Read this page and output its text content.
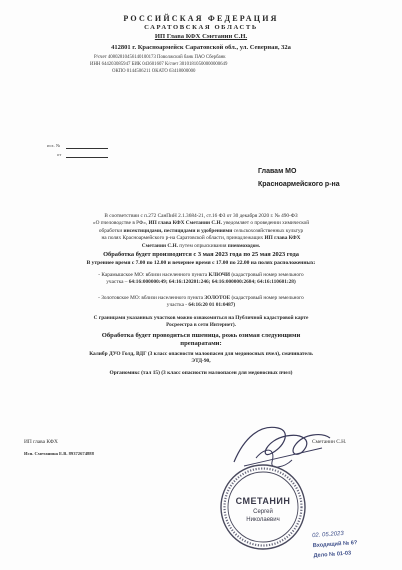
РОССИЙСКАЯ ФЕДЕРАЦИЯ
САРАТОВСКАЯ ОБЛАСТЬ
ИП Глава КФХ Сметанин С.Н.
412801 г. Красноармейск Саратовской обл., ул. Северная, 32а
Р/счет 40802810456140100173 Поволжский банк ПАО Сбербанк
ИНН 644203085947 БИК 043601607 К/счет 30101810500000000649
ОКПО 0144506211 ОКАТО 63418000000
исх. №
от
Главам МО
Красноармейского р-на
В соответствии с п.272 СанПиН 2.1.3684-21, ст.16 ФЗ от 30 декабря 2020 г. № 490-ФЗ
«О пчеловодстве в РФ», ИП глава КФХ Сметанин С.Н. уведомляет о проведении химической
обработки инсектицидами, пестицидами и удобрениями сельскохозяйственных культур
на полях Красноармейского р-на Саратовской области, принадлежащих ИП глава КФХ
Сметанин С.Н. путем опрыскивания пневмоходом.
Обработка будет производится с 3 мая 2023 года по 25 мая 2023 года
В утреннее время с 7.00 по 12.00 и вечернее время с 17.00 по 22.00 на полях расположенных:
- Карамышское МО: вблизи населенного пункта КЛЮЧИ (кадастровый номер земельного
участка – 64:16:000000:49; 64:16:120201:246; 64:16:000000:2684; 64:16:110601:28)
- Золотовское МО: вблизи населенного пункта ЗОЛОТОЕ (кадастровый номер земельного
участка - 64:16:20 01 01:0487)
С границами указанных участков можно ознакомиться на Публичной кадастровой карте
Росреестра в сети Интернет).
Обработка будет проводиться пшеница, рожь озимая следующими
препаратами:
Калибр ДУО Голд, ВДГ (3 класс опасности малоопасен для медоносных пчел), смачиватель
ЭТД-90,
Органомикс (тал 15) (3 класс опасности малоопасен для медоносных пчел)
ИП глава КФХ	Сметанин С.Н.
Исп. Сметанина Е.В. 89372674888
СМЕТАНИН
Сергей
Николаевич
02. 05.2023
Входящий № 6?
Дело № 01-03
